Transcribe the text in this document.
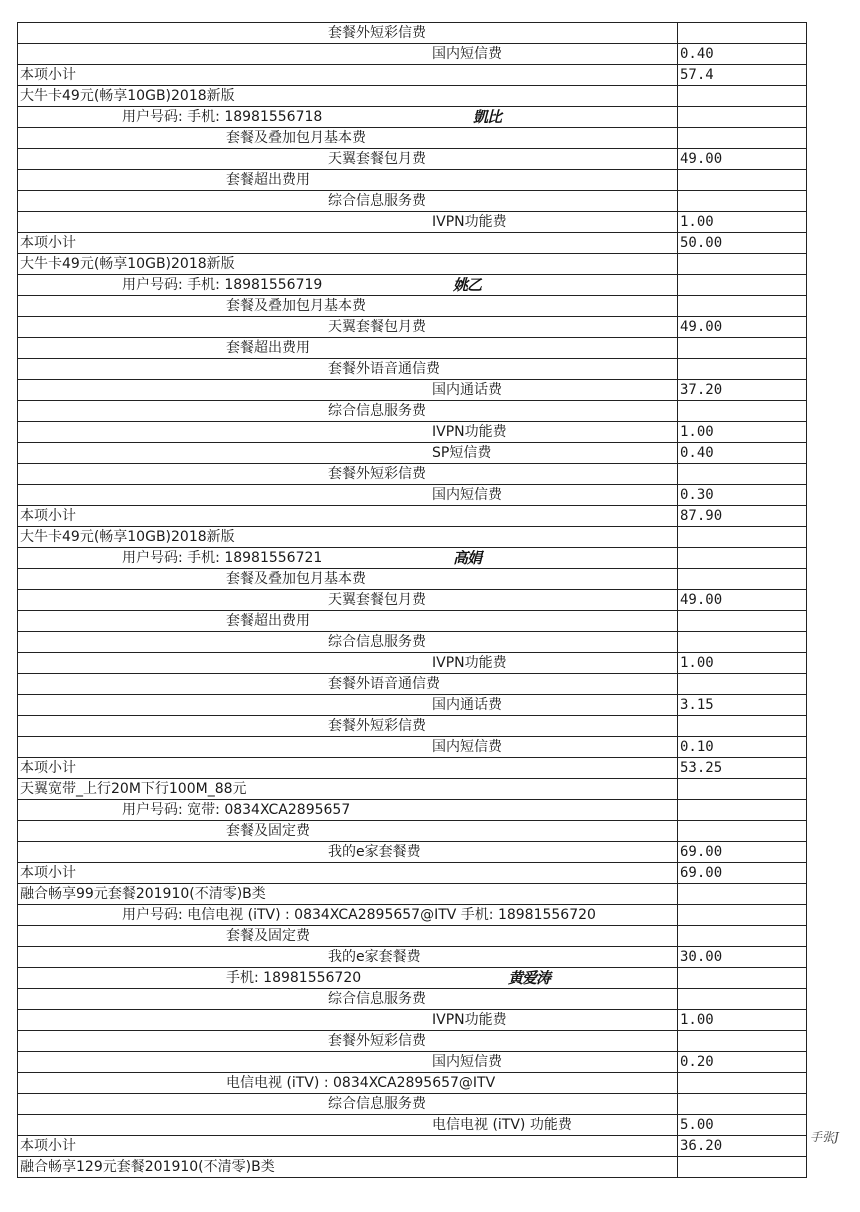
套餐外短彩信费	
国内短信费	0.40
本项小计	57.4
大牛卡49元(畅享10GB)2018新版	
用户号码: 手机: 18981556718 凱比	

套餐及叠加包月基本费	
天翼套餐包月费	49.00
套餐超出费用	
综合信息服务费	
IVPN功能费	1.00
本项小计	50.00
大牛卡49元(畅享10GB)2018新版	
用户号码: 手机: 18981556719 姚乙	

套餐及叠加包月基本费	
天翼套餐包月费	49.00
套餐超出费用	
套餐外语音通信费	
国内通话费	37.20
综合信息服务费	
IVPN功能费	1.00
SP短信费	0.40
套餐外短彩信费	
国内短信费	0.30
本项小计	87.90
大牛卡49元(畅享10GB)2018新版	
用户号码: 手机: 18981556721 高娟	

套餐及叠加包月基本费	
天翼套餐包月费	49.00
套餐超出费用	
综合信息服务费	
IVPN功能费	1.00
套餐外语音通信费	
国内通话费	3.15
套餐外短彩信费	
国内短信费	0.10
本项小计	53.25
天翼宽带_上行20M下行100M_88元	
用户号码: 宽带: 0834XCA2895657	
套餐及固定费	
我的e家套餐费	69.00
本项小计	69.00
融合畅享99元套餐201910(不清零)B类	
用户号码: 电信电视 (iTV) : 0834XCA2895657@ITV 手机: 18981556720	
套餐及固定费	
我的e家套餐费	30.00
手机: 18981556720 黄爱涛	

综合信息服务费	
IVPN功能费	1.00
套餐外短彩信费	
国内短信费	0.20
电信电视 (iTV) : 0834XCA2895657@ITV	
综合信息服务费	
电信电视 (iTV) 功能费	5.00
本项小计	36.20
融合畅享129元套餐201910(不清零)B类	
手张J
